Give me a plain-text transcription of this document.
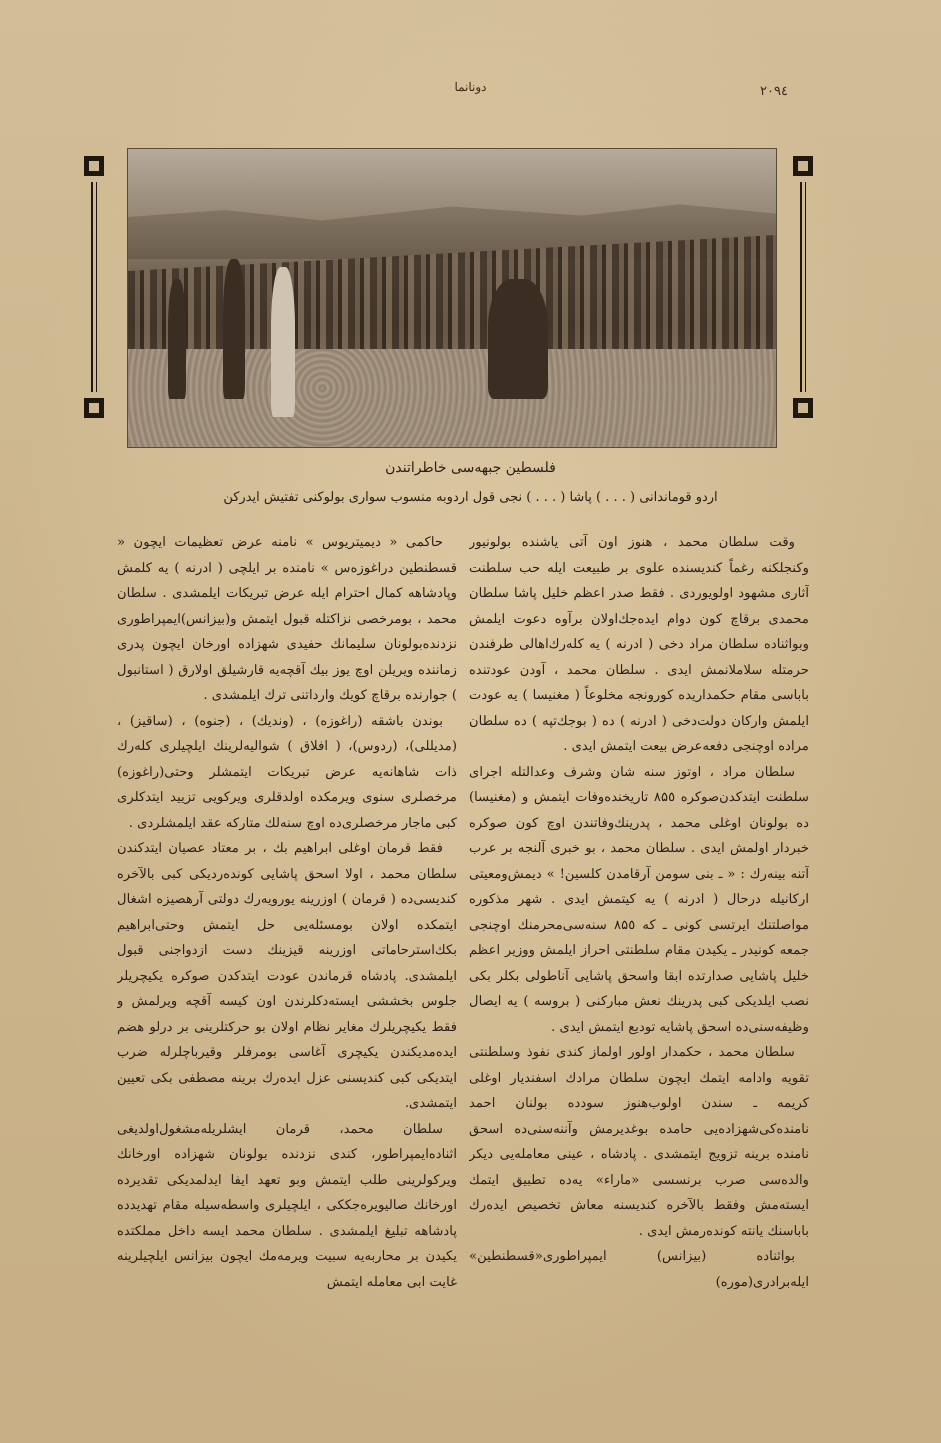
دونانما	۲۰۹٤
فلسطين جبهه‌سى خاطراتندن
اردو قوماندانى ( . . . ) پاشا ( . . . ) نجى قول اردوبه منسوب سوارى بولوكنى تفتيش ايدركن

وقت سلطان محمد ، هنوز اون آتى ياشنده بولونيور وكنجلكنه رغماً كنديسنده علوى بر طبيعت ايله حب سلطنت آثارى مشهود اولويوردى . فقط صدر اعظم خليل پاشا سلطان محمدى برقاچ كون دوام ايده‌جك‌اولان برآوه دعوت ايلمش وبواثناده سلطان مراد دخى ( ادرنه ) يه كله‌رك‌اهالى طرفندن حرمتله سلاملانمش ايدى . سلطان محمد ، آودن عودتنده باباسى مقام حكمداريده كورونجه مخلوعاً ( مغنيسا ) يه عودت ايلمش واركان دولت‌دخى ( ادرنه ) ده ( بوجك‌تپه ) ده سلطان مراده اوچنجى دفعه‌عرض بيعت ايتمش ايدى .

سلطان مراد ، اوتوز سنه شان وشرف وعدالتله اجراى سلطنت ايتدكدن‌صوكره ۸۵٥ تاريخنده‌وفات ايتمش و (مغنيسا) ده بولونان اوغلى محمد ، پدرينك‌وفاتندن اوچ كون صوكره خبردار اولمش ايدى . سلطان محمد ، بو خبرى آلنجه بر عرب آتنه بينه‌رك : « ـ بنى سومن آرقامدن كلسين! » ديمش‌ومعيتى اركانيله درحال ( ادرنه ) يه كيتمش ايدى . شهر مذكوره مواصلتنك ايرتسى كونى ـ كه ۸۵٥ سنه‌سى‌محرمنك اوچنجى جمعه كونيدر ـ يكيدن مقام سلطنتى احراز ايلمش ووزير اعظم خليل پاشايى صدارتده ابقا واسحق پاشايى آناطولى بكلر بكى نصب ايلديكى كبى پدرينك نعش مباركنى ( بروسه ) يه ايصال وظيفه‌سنى‌ده اسحق پاشايه توديع ايتمش ايدى .

سلطان محمد ، حكمدار اولور اولماز كندى نفوذ وسلطنتى تقويه وادامه ايتمك ايچون سلطان مرادك اسفنديار اوغلى كريمه ـ سندن اولوب‌هنوز سودده بولنان احمد نامنده‌كى‌شهزاده‌يى حامده بوغديرمش وآننه‌سنى‌ده اسحق نامنده برينه تزويج ايتمشدى . پادشاه ، عينى معامله‌يى ديكر والده‌سى صرب برنسسى «ماراء» يه‌ده تطبيق ايتمك ايسته‌مش وفقط بالآخره كنديسنه معاش تخصيص ايده‌رك باباسنك يانته كونده‌رمش ايدى .

بواثناده (بيزانس) ايمپراطورى«قسطنطين» ايله‌برادرى(موره)

حاكمى « ديميتريوس » نامنه عرض تعظيمات ايچون « قسطنطين دراغوزه‌س » نامنده بر ايلچى ( ادرنه ) يه كلمش وپادشاهه كمال احترام ايله عرض تبريكات ايلمشدى . سلطان محمد ، بومرخصى نزاكتله قبول ايتمش و(بيزانس)ايمپراطورى نزدنده‌بولونان سليمانك حفيدى شهزاده اورخان ايچون پدرى زماننده ويريلن اوچ يوز بيك آقچه‌يه قارشيلق اولارق ( استانبول ) جوارنده برقاچ كويك وارداتنى ترك ايلمشدى .

بوندن باشقه (راغوزه) ، (ونديك) ، (جنوه) ، (ساقيز) ، (مديللى)، (ردوس)، ( افلاق ) شواليه‌لرينك ايلچيلرى كله‌رك ذات شاهانه‌يه عرض تبريكات ايتمشلر وحتى(راغوزه) مرخصلرى سنوى ويرمكده اولدقلرى ويركويى تزييد ايتدكلرى كبى ماجار مرخصلرى‌ده اوچ سنه‌لك متاركه عقد ايلمشلردى .

فقط قرمان اوغلى ابراهيم بك ، بر معتاد عصيان ايتدكندن سلطان محمد ، اولا اسحق پاشايى كونده‌رديكى كبى بالآخره كنديسى‌ده ( قرمان ) اوزرينه يورويه‌رك دولتى آرهصيزه اشغال ايتمكده اولان بومسئله‌يى حل ايتمش وحتى‌ابراهيم بكك‌استرحاماتى اوزرينه قيزينك دست ازدواجنى قبول ايلمشدى. پادشاه قرماندن عودت ايتدكدن صوكره يكيچريلر جلوس بخششى ايسته‌دكلرندن اون كيسه آقچه ويرلمش و فقط يكيچريلرك مغاير نظام اولان بو حركتلرينى بر درلو هضم ايده‌مديكندن يكيچرى آغاسى بومرفلر وقيرباچلرله ضرب ايتديكى كبى كنديسنى عزل ايده‌رك برينه مصطفى بكى تعيين ايتمشدى.

سلطان محمد، قرمان ايشلريله‌مشغول‌اولديغى اثناده‌ايمپراطور، كندى نزدنده بولونان شهزاده اورخانك ويركولرينى طلب ايتمش وبو تعهد ايفا ايدلمديكى تقديرده اورخانك صاليويره‌جككى ، ايلچيلرى واسطه‌سيله مقام تهديدده پادشاهه تبليغ ايلمشدى . سلطان محمد ايسه داخل مملكتده يكيدن بر محاربه‌يه سبيت ويرمه‌مك ايچون بيزانس ايلچيلرينه غايت ابى معامله ايتمش
